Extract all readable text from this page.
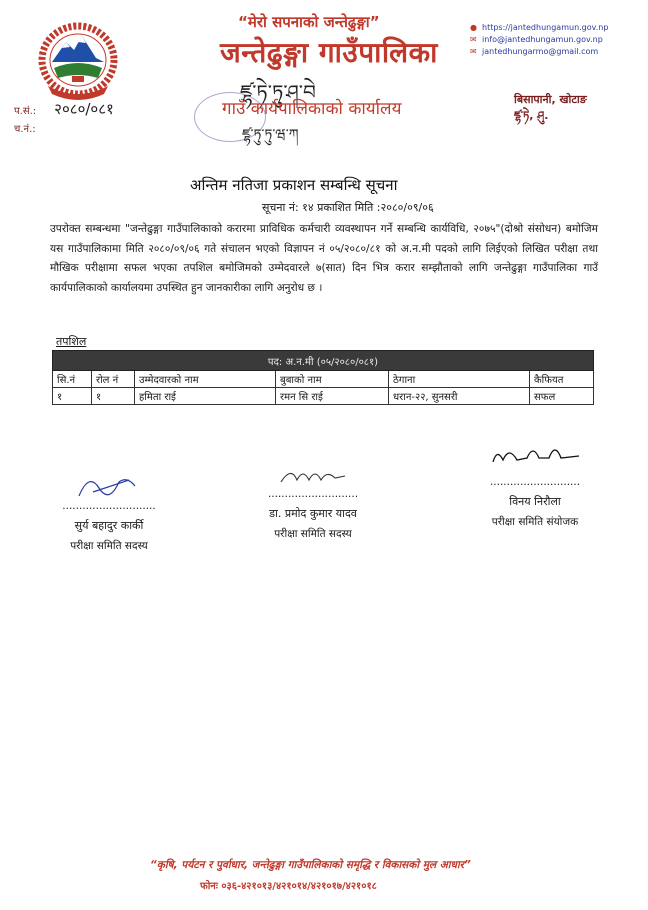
“मेरो सपनाको जन्तेढुङ्गा”
जन्तेढुङ्गा गाउँपालिका
ཛྷ་ཏེ་ཏུ་ཤ་བེ
गाउँ कार्यपालिकाको कार्यालय
ཛྷ་ཏུ་ཏུ་ཝ་ཀ
● https://jantedhungamun.gov.np
✉ info@jantedhungamun.gov.np
✉ jantedhungarmo@gmail.com
प.सं.: २०८०/०८१
च.नं.:
बिसापानी, खोटाङ
ཛྷ་ཏེ, ཤུ.
अन्तिम नतिजा प्रकाशन सम्बन्धि सूचना
सूचना नं: १४ प्रकाशित मिति :२०८०/०९/०६
उपरोक्त सम्बन्धमा "जन्तेढुङ्गा गाउँपालिकाको करारमा प्राविधिक कर्मचारी व्यवस्थापन गर्ने सम्बन्धि कार्यविधि, २०७५"(दोश्रो संसोधन) बमोजिम यस गाउँपालिकामा मिति २०८०/०९/०६ गते संचालन भएको विज्ञापन नं ०५/२०८०/८१ को अ.न.मी पदको लागि लिईएको लिखित परीक्षा तथा मौखिक परीक्षामा सफल भएका तपशिल बमोजिमको उम्मेदवारले ७(सात) दिन भित्र करार सम्झौताको लागि जन्तेढुङ्गा गाउँपालिका गाउँ कार्यपालिकाको कार्यालयमा उपस्थित हुन जानकारीका लागि अनुरोध छ ।
तपशिल
पद: अ.न.मी (०५/२०८०/०८१)					
सि.नं	रोल नं	उम्मेदवारको नाम	बुबाको नाम	ठेगाना	कैफियत
१	१	हमिता राई	रमन सि राई	धरान-२२, सुनसरी	सफल
............................
सुर्य बहादुर कार्की
परीक्षा समिति सदस्य
...........................
डा. प्रमोद कुमार यादव
परीक्षा समिति सदस्य
...........................
विनय निरौला
परीक्षा समिति संयोजक
“कृषि, पर्यटन र पुर्वाधार, जन्तेढुङ्गा गाउँपालिकाको समृद्धि र विकासको मुल आधार”
फोनः ०३६-४२१०१३/४२१०१४/४२१०१७/४२१०१८
